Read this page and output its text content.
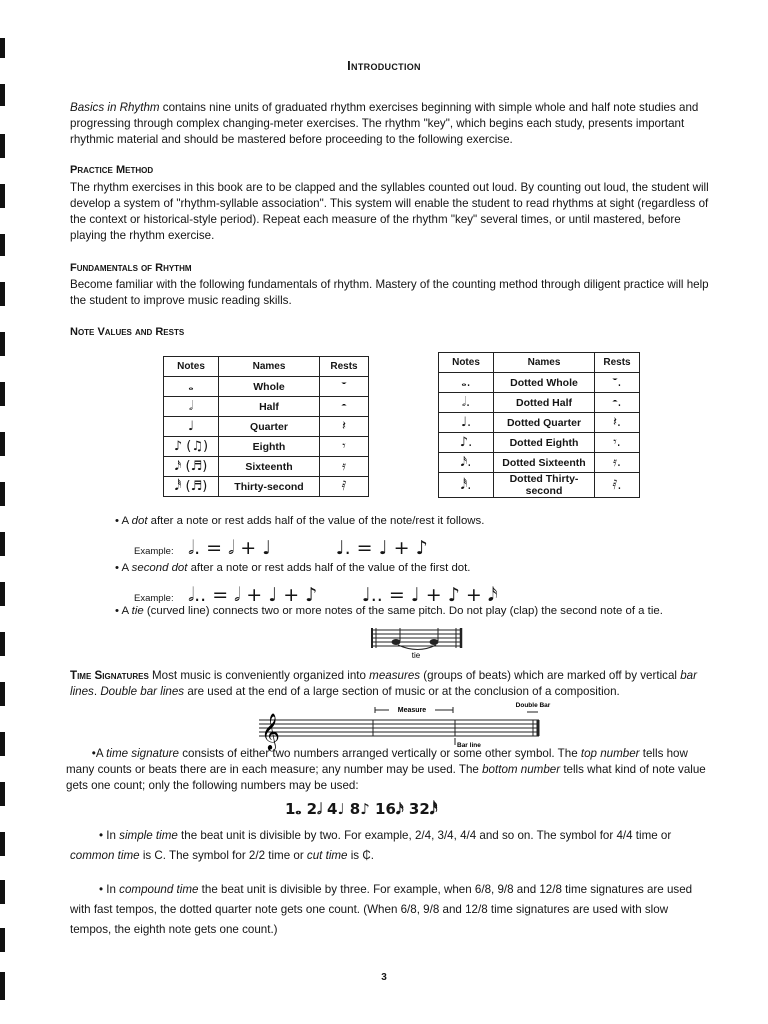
Introduction
Basics in Rhythm contains nine units of graduated rhythm exercises beginning with simple whole and half note studies and progressing through complex changing-meter exercises. The rhythm "key", which begins each study, presents important rhythmic material and should be mastered before proceeding to the following exercise.
Practice Method
The rhythm exercises in this book are to be clapped and the syllables counted out loud. By counting out loud, the student will develop a system of "rhythm-syllable association". This system will enable the student to read rhythms at sight (regardless of the context or historical-style period). Repeat each measure of the rhythm "key" several times, or until mastered, before playing the rhythm exercise.
Fundamentals of Rhythm
Become familiar with the following fundamentals of rhythm. Mastery of the counting method through diligent practice will help the student to improve music reading skills.
Note Values and Rests
Notes	Names	Rests
𝅝	Whole	𝄻
𝅗𝅥	Half	𝄼
♩	Quarter	𝄽
♪ (♫)	Eighth	𝄾
𝅘𝅥𝅯 (♬)	Sixteenth	𝄿
𝅘𝅥𝅰 (♬)	Thirty-second	𝅀
Notes	Names	Rests
𝅝.	Dotted Whole	𝄻.
𝅗𝅥.	Dotted Half	𝄼.
♩.	Dotted Quarter	𝄽.
♪.	Dotted Eighth	𝄾.
𝅘𝅥𝅯.	Dotted Sixteenth	𝄿.
𝅘𝅥𝅰.	Dotted Thirty-second	𝅀.
• A dot after a note or rest adds half of the value of the note/rest it follows.
Example: 𝅗𝅥. = 𝅗𝅥 + ♩	♩. = ♩ + ♪
• A second dot after a note or rest adds half of the value of the first dot.
Example: 𝅗𝅥.. = 𝅗𝅥 + ♩ + ♪ ♩.. = ♩ + ♪ + 𝅘𝅥𝅯
• A tie (curved line) connects two or more notes of the same pitch. Do not play (clap) the second note of a tie.
tie
Time Signatures Most music is conveniently organized into measures (groups of beats) which are marked off by vertical bar lines. Double bar lines are used at the end of a large section of music or at the conclusion of a composition.
𝄞
Measure
Double Bar
Bar line
•A time signature consists of either two numbers arranged vertically or some other symbol. The top number tells how many counts or beats there are in each measure; any number may be used. The bottom number tells what kind of note value gets one count; only the following numbers may be used:
1𝅝 2𝅗𝅥 4♩ 8♪ 16𝅘𝅥𝅯 32𝅘𝅥𝅰
• In simple time the beat unit is divisible by two. For example, 2/4, 3/4, 4/4 and so on. The symbol for 4/4 time or common time is C. The symbol for 2/2 time or cut time is ₵.
• In compound time the beat unit is divisible by three. For example, when 6/8, 9/8 and 12/8 time signatures are used with fast tempos, the dotted quarter note gets one count. (When 6/8, 9/8 and 12/8 time signatures are used with slow tempos, the eighth note gets one count.)
3
